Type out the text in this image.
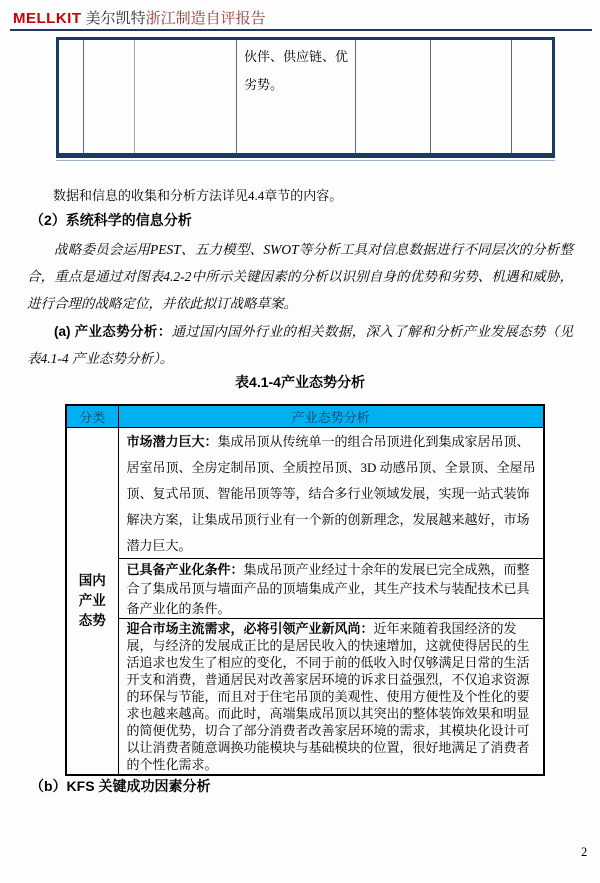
MELLKIT 美尔凯特浙江制造自评报告
伙伴、供应链、优劣势。
数据和信息的收集和分析方法详见4.4章节的内容。
（2）系统科学的信息分析
战略委员会运用PEST、五力模型、SWOT等分析工具对信息数据进行不同层次的分析整合，重点是通过对图表4.2-2中所示关键因素的分析以识别自身的优势和劣势、机遇和威胁，进行合理的战略定位，并依此拟订战略草案。
(a) 产业态势分析：通过国内国外行业的相关数据，深入了解和分析产业发展态势（见表4.1-4 产业态势分析）。
表4.1-4产业态势分析
分类	产业态势分析
国内产业态势	市场潜力巨大：集成吊顶从传统单一的组合吊顶进化到集成家居吊顶、居室吊顶、全房定制吊顶、全质控吊顶、3D 动感吊顶、全景顶、全屋吊顶、复式吊顶、智能吊顶等等，结合多行业领域发展，实现一站式装饰解决方案，让集成吊顶行业有一个新的创新理念，发展越来越好，市场潜力巨大。

	已具备产业化条件：集成吊顶产业经过十余年的发展已完全成熟，而整合了集成吊顶与墙面产品的顶墙集成产业，其生产技术与装配技术已具备产业化的条件。

	迎合市场主流需求，必将引领产业新风尚：近年来随着我国经济的发展，与经济的发展成正比的是居民收入的快速增加，这就使得居民的生活追求也发生了相应的变化，不同于前的低收入时仅够满足日常的生活开支和消费，普通居民对改善家居环境的诉求日益强烈，不仅追求资源的环保与节能，而且对于住宅吊顶的美观性、使用方便性及个性化的要求也越来越高。而此时，高端集成吊顶以其突出的整体装饰效果和明显的简便优势，切合了部分消费者改善家居环境的需求，其模块化设计可以让消费者随意调换功能模块与基础模块的位置，很好地满足了消费者的个性化需求。
（b）KFS 关键成功因素分析
2
